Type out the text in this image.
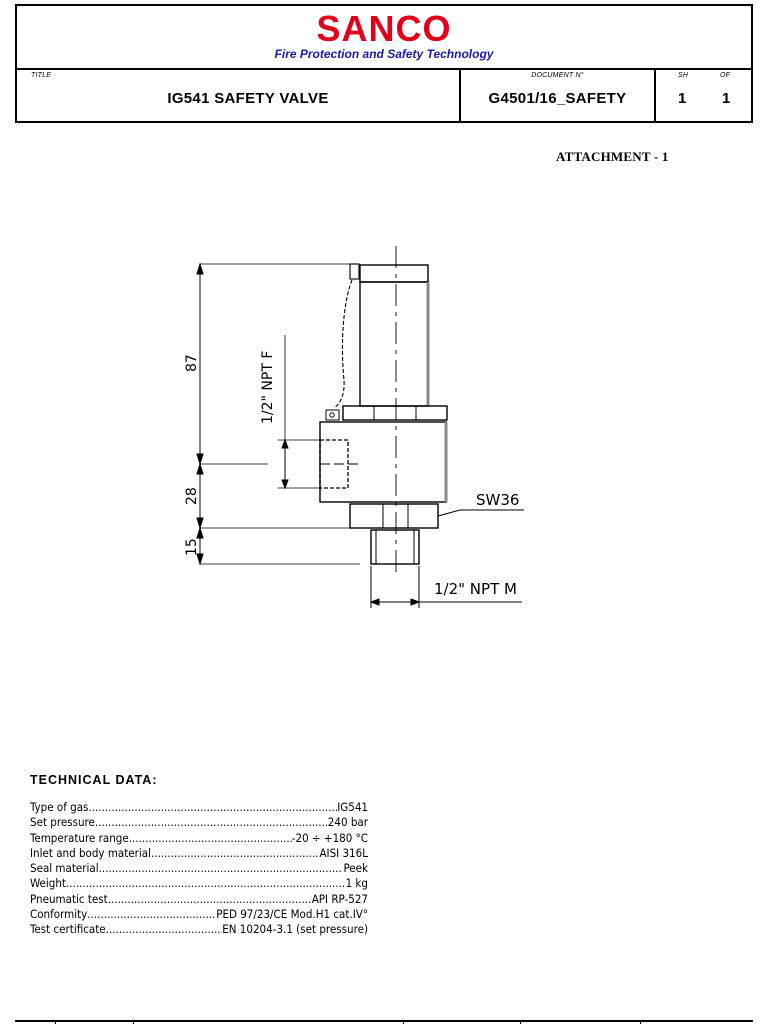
SANCO
Fire Protection and Safety Technology
TITLE
IG541 SAFETY VALVE
DOCUMENT N°
G4501/16_SAFETY
SH	OF
1 1
ATTACHMENT - 1
SW36
87
28
15
1/2" NPT F
1/2" NPT M
TECHNICAL DATA:
Type of gas .....	IG541
Set pressure .....	240 bar
Temperature range .....	-20 ÷ +180 °C
Inlet and body material .....	AISI 316L
Seal material .....	Peek
Weight .....	1 kg
Pneumatic test .....	API RP-527
Conformity .....	PED 97/23/CE Mod.H1 cat.IV°
Test certificate .....	EN 10204-3.1 (set pressure)
